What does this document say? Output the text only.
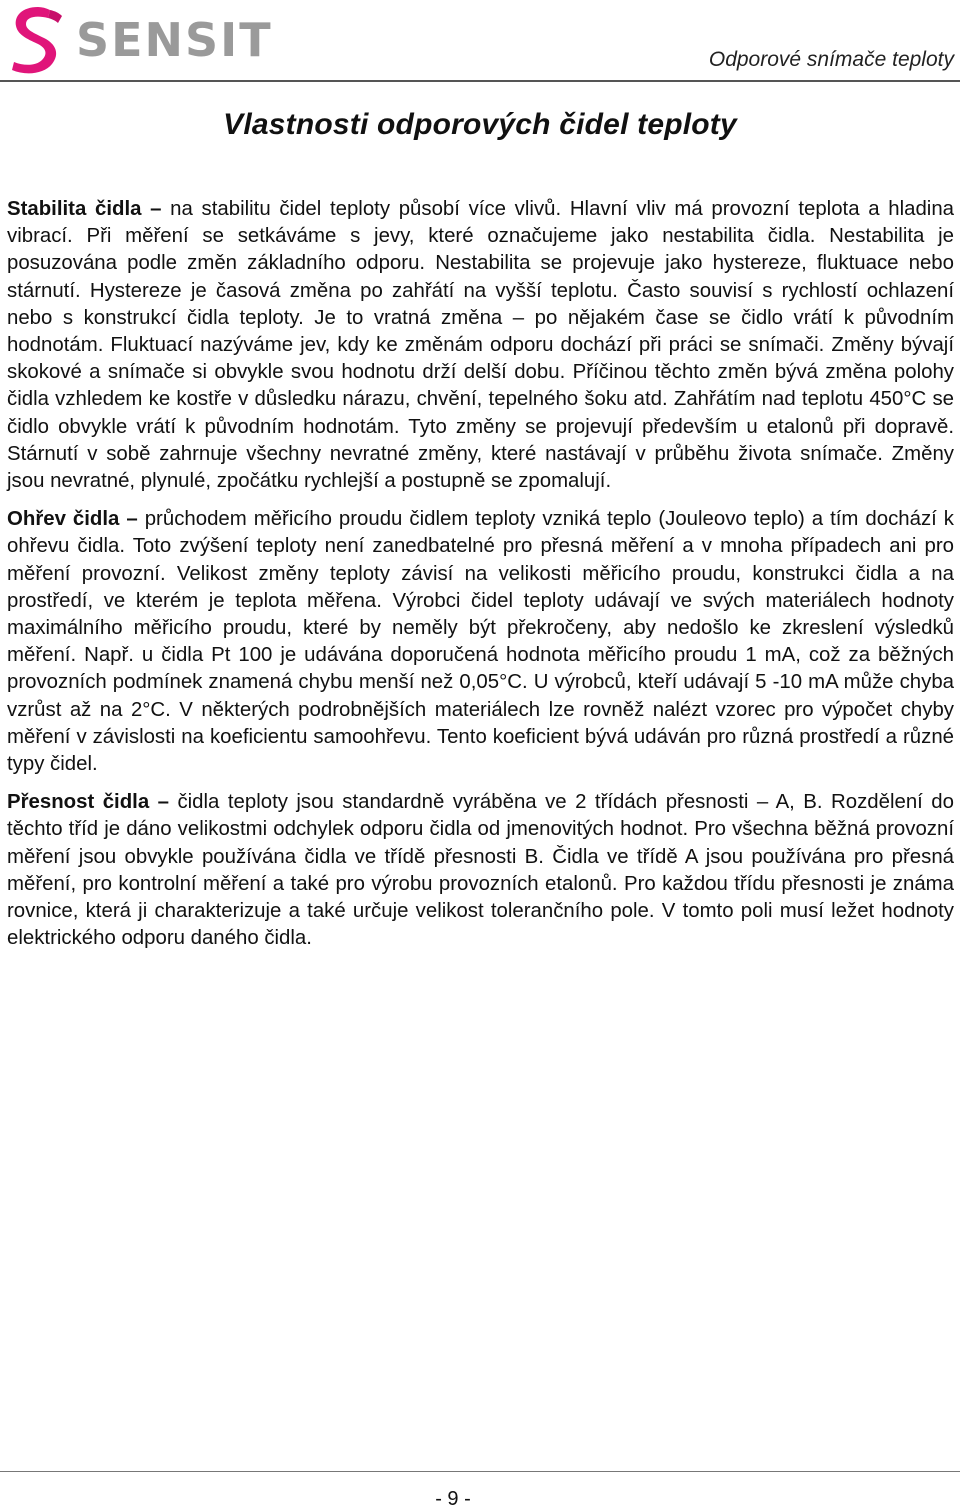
SENSIT	Odporové snímače teploty
Vlastnosti odporových čidel teploty

Stabilita čidla – na stabilitu čidel teploty působí více vlivů. Hlavní vliv má provozní teplota a hladina vibrací. Při měření se setkáváme s jevy, které označujeme jako nestabilita čidla. Nestabilita je posuzována podle změn základního odporu. Nestabilita se projevuje jako hystereze, fluktuace nebo stárnutí. Hystereze je časová změna po zahřátí na vyšší teplotu. Často souvisí s rychlostí ochlazení nebo s konstrukcí čidla teploty. Je to vratná změna – po nějakém čase se čidlo vrátí k původním hodnotám. Fluktuací nazýváme jev, kdy ke změnám odporu dochází při práci se snímači. Změny bývají skokové a snímače si obvykle svou hodnotu drží delší dobu. Příčinou těchto změn bývá změna polohy čidla vzhledem ke kostře v důsledku nárazu, chvění, tepelného šoku atd. Zahřátím nad teplotu 450°C se čidlo obvykle vrátí k původním hodnotám. Tyto změny se projevují především u etalonů při dopravě. Stárnutí v sobě zahrnuje všechny nevratné změny, které nastávají v průběhu života snímače. Změny jsou nevratné, plynulé, zpočátku rychlejší a postupně se zpomalují.

Ohřev čidla – průchodem měřicího proudu čidlem teploty vzniká teplo (Jouleovo teplo) a tím dochází k ohřevu čidla. Toto zvýšení teploty není zanedbatelné pro přesná měření a v mnoha případech ani pro měření provozní. Velikost změny teploty závisí na velikosti měřicího proudu, konstrukci čidla a na prostředí, ve kterém je teplota měřena. Výrobci čidel teploty udávají ve svých materiálech hodnoty maximálního měřicího proudu, které by neměly být překročeny, aby nedošlo ke zkreslení výsledků měření. Např. u čidla Pt 100 je udávána doporučená hodnota měřicího proudu 1 mA, což za běžných provozních podmínek znamená chybu menší než 0,05°C. U výrobců, kteří udávají 5 -10 mA může chyba vzrůst až na 2°C. V některých podrobnějších materiálech lze rovněž nalézt vzorec pro výpočet chyby měření v závislosti na koeficientu samoohřevu. Tento koeficient bývá udáván pro různá prostředí a různé typy čidel.

Přesnost čidla – čidla teploty jsou standardně vyráběna ve 2 třídách přesnosti – A, B. Rozdělení do těchto tříd je dáno velikostmi odchylek odporu čidla od jmenovitých hodnot. Pro všechna běžná provozní měření jsou obvykle používána čidla ve třídě přesnosti B. Čidla ve třídě A jsou používána pro přesná měření, pro kontrolní měření a také pro výrobu provozních etalonů. Pro každou třídu přesnosti je známa rovnice, která ji charakterizuje a také určuje velikost tolerančního pole. V tomto poli musí ležet hodnoty elektrického odporu daného čidla.

- 9 -
